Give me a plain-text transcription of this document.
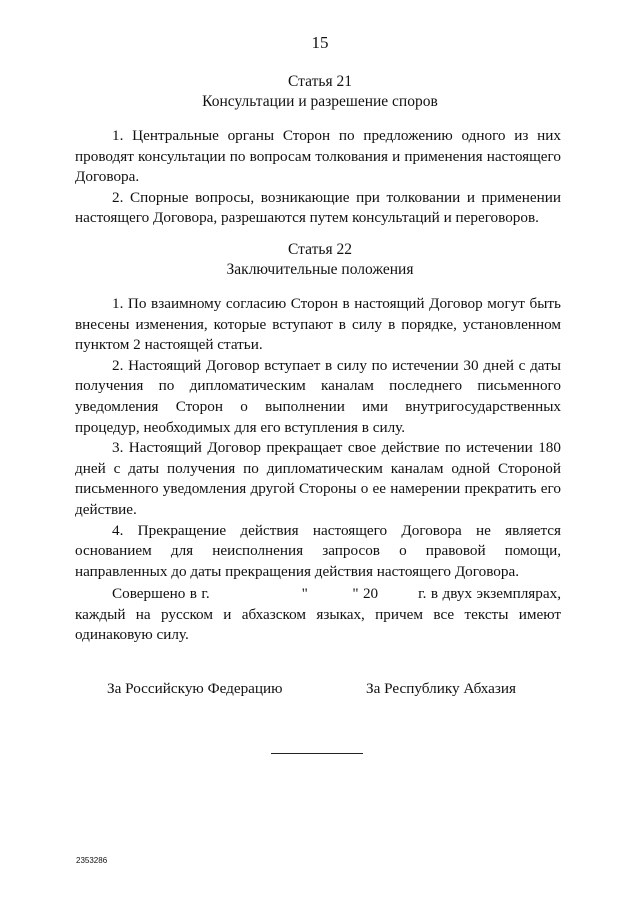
15
Статья 21
Консультации и разрешение споров

1. Центральные органы Сторон по предложению одного из них проводят консультации по вопросам толкования и применения настоящего Договора.

2. Спорные вопросы, возникающие при толковании и применении настоящего Договора, разрешаются путем консультаций и переговоров.

Статья 22
Заключительные положения

1. По взаимному согласию Сторон в настоящий Договор могут быть внесены изменения, которые вступают в силу в порядке, установленном пунктом 2 настоящей статьи.

2. Настоящий Договор вступает в силу по истечении 30 дней с даты получения по дипломатическим каналам последнего письменного уведомления Сторон о выполнении ими внутригосударственных процедур, необходимых для его вступления в силу.

3. Настоящий Договор прекращает свое действие по истечении 180 дней с даты получения по дипломатическим каналам одной Стороной письменного уведомления другой Стороны о ее намерении прекратить его действие.

4. Прекращение действия настоящего Договора не является основанием для неисполнения запросов о правовой помощи, направленных до даты прекращения действия настоящего Договора.

Совершено в г.	"          " 20	г. в двух экземплярах, каждый на русском и абхазском языках, причем все тексты имеют одинаковую силу.

За Российскую Федерацию	За Республику Абхазия
2353286
